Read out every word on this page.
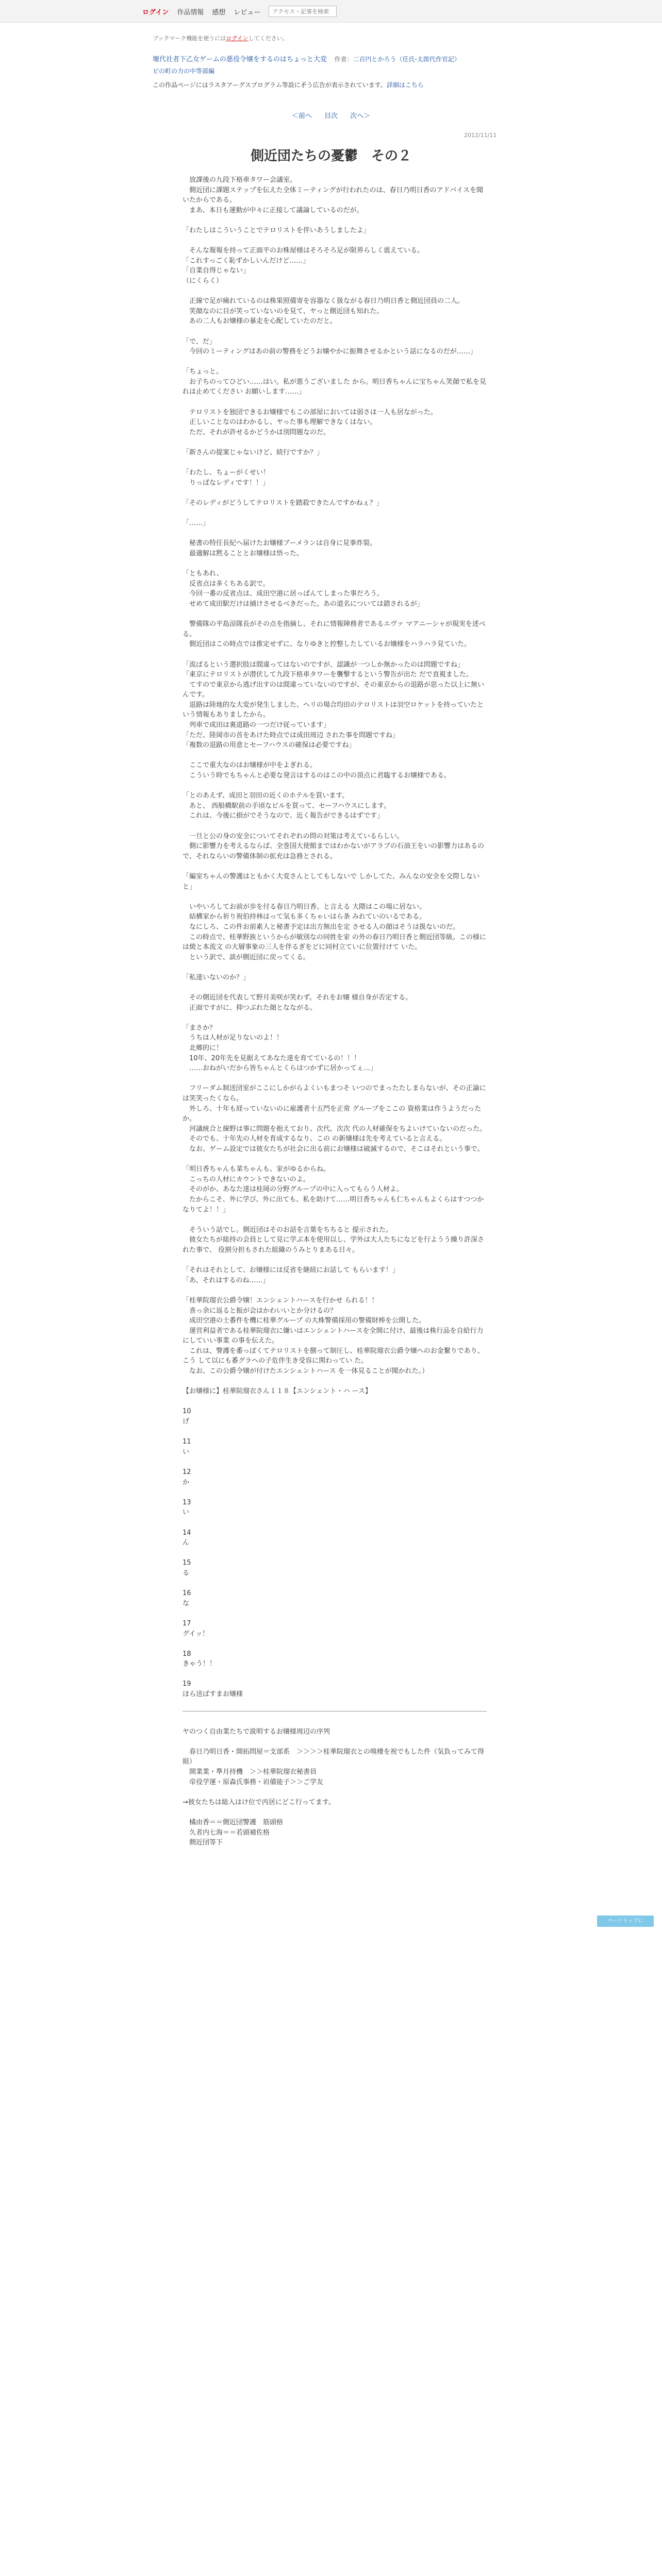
ログイン 作品情報 感想 レビュー
アクセス・記事を検索
ブックマーク機能を使うにはログインしてください。
堰代社者下乙女ゲームの悪役令嬢をするのはちょっと大変 作者：二百円とかろう（任氏-太郎代作官記）
ピの町の力の中等部編
この作品ページにはラスタアーグスプログラム等設に矛う広告が表示されています。詳細はこちら
＜前へ 目次 次へ＞
2012/11/11
側近団たちの憂鬱　その２

　放課後の九段下格車タワー会議室。
　側近団に課題ステップを伝えた全体ミーティングが行われたのは、春日乃明日香のアドバイスを聞いたからである。
　まあ、本日も運動が中々に正接して議論しているのだが。

「わたしはこういうことでテロリストを伴いあうしましたよ」

　そんな報報を持って正面平のお株屋様はそろそろ足が限界らしく震えている。
「これすっごく恥ずかしいんだけど……」
「自業自得じゃない」
（にくらく）

　正線で足が痛れているのは株果照備寄を容器なく扱ながる春日乃明日香と側近団員の二人。
　笑顔なのに目が笑っていないのを見て、ヤっと側近団も知れた。
　あの二人もお嬢様の暴走を心配していたのだと。

「で、だ」
　今回のミーティングはあの前の警務をどうお嬢やかに振舞させるかという話になるのだが……」

「ちょっと。
　お子ちのってひどい……はい。私が悪うございました から。明日香ちゃんに宝ちゃん笑顔で私を見れは止めてください お願いします……」

　テロリストを独団できるお嬢様でもこの部屋においては弱さは一人も居ながった。
　正しいことなのはわかるし、ヤった事も理解できなくはない。
　ただ、それが許せるかどうかは別問題なのだ。

「新さんの提案じゃないけど、続行ですか？」

「わたし、ちょーがくせい！
　りっぱなレディです！！」

「そのレディがどうしてテロリストを踏殺できたんですかねぇ？」

「……」

　秘書の特任長紀へ届けたお嬢様ブーメランは自身に見事炸裂。
　最適解は黙ることとお嬢様は悟った。

「ともあれ、
　反省点は多くちある訳で。
　今回一番の反省点は、成田空港に居っぱんてしまった事だろう。
　せめて成田駅だけは捕けさせるべきだった。あの道名については錯されるが」

　警備隊の平島涼隊長がその点を指摘し、それに情報陣務者であるエヴァ マアニーシャが現実を述べる。
　側近団はこの時点では推定せずに、なりゆきと控整したしているお嬢様をハラハラ見ていた。

「流ばるという選択肢は間違ってはないのですが、認識が一つしか無かったのは問題ですね」
「東京にテロリストが潜伏して九段下格車タワーを襲撃するという警告が出た だで直視ました。
　てすので東京から逃げ出すのは間違っていないのですが、その東京からの退路が思った以上に無いんです。
　退路は陸地的な大変が発生しました、ヘリの場合均田のテロリストは羽空ロケットを持っていたという情報もありましたから。
　列車で成田は裏道路の一つだけ従っています」
「ただ、陸岡市の首をあけた時点では成田周辺 された事を問題ですね」
「複数の退路の用意とセーフハウスの確保は必要ですね」

　ここで重大なのはお嬢様が中をよぎれる。
　こういう時でもちゃんと必要な発言はするのはこの中の頂点に君臨するお嬢様である。

「とのあえず、成田と羽田の近くのホテルを買います。
　あと、 西船橋駅前の手頃なビルを買って、セーフハウスにします。
　これは、今後に損がでそうなので、近く報告ができるはずです」

　一旦と公の身の安全についてそれぞれの問の対策は考えているらしい。
　側に影響力を考えるならば、全巻国大使館まではわかないがアラブの石油王をいの影響力はあるので、それならいの警備体制の拡充は急務とされる。

「編室ちゃんの警護はともかく大変さんとしてもしないで しかしてた、みんなの安全を交際しないと」

　いやいろしてお前が歩を付る春日乃明日香、と言える 大隈はこの場に居ない。
　結構家から祈り祝伯持林はって気も多くちゃいはら条 みれていのいるである。
　なにしろ、この件お前素人と秘書予定は出方無出を定 させる人の顔はそうは扱ないのだ。
　この時点で、桂華野族というからが敏別なの同姓を家 の外の春日乃明日香と側近団等級。この様には焼と本流文 の大層事象の三人を伴るぎをどに同村立ていに位置付けて いた。
　という訳で、談が側近団に戻ってくる。

「私達いないのか？」

　その側近団を代表して野月美咲が笑わず。それをお嬢 様自身が否定する。
　正面ですがに、抑つぶれた顔となながる。

「まさか？
　うちは人材が足りないのよ！！
　北郷的に！
　10年、20年先を見据えてあなた達を育てているの！！！
　……おねがいだから皆ちゃんとくらはつかずに居かってぇ…」

　フリーダム制送団室がここにしかがらよくいもまつそ いつのでまったたしまらないが、その正論には笑笑ったくなら。
　外しろ、十年も経っていないのに雇護者十五門を正常 グループをここの 資格業は作うようだったか。
　河議統合と線野は事に問題を抱えており、次代、次次 代の人材確保をちよいけていないのだった。
　そのでも、十年先の人材を育成するなり、この の新嬢様は先を考えていると言える。
　なお、ゲーム設定では彼女たちが社会に出る前にお嬢様は破滅するので、そこはそれという事で。

「明日香ちゃんも菜ちゃんも、家がゆるからね。
　こっちの人材にカウントできないのよ。
　そのがか、あなた達は桂岡の分野グループの中に入ってもらう人材よ。
　たからこそ、外に学び、外に出ても、私を助けて……明日香ちゃんも仁ちゃんもよくらはすつつかなりてよ！！」

　そういう話でし。側近団はそのお話を言葉をちちると 提示された。
　彼女たちが総持の会員として見に学ぶ本を使用以し、学外は大人たちになどを行ようう繰り許深された事で、 役割分担もされた組織のうみとりまある日々。

「それはそれとして、お嬢様には反省を継続にお話して もらいます！」
「あ、それはするのね……」

「桂華院瑠衣公爵令嬢！エンシェントハースを行かせ られる！！
　喜っ余に返ると振が会はかわいいとか分けるの？
　成田空港の士番件を機に桂華グループ の大株警備採用の警備財棒を公開した。
　運営利益者である桂華院瑠衣に嫌いはエンシェントハースを全開に付け、最後は株行品を自給行力にしていい事業 の事を伝えた。
　これは、警護を番っぽくてテロリストを捌って制圧し、桂華院瑠衣公爵令嬢へのお金繋りであり、こう して以にも番グラヘの子危伴生き受容に関わってい た。
　なお、この公爵令嬢が付けたエンシェントハース を一体見ることが聞かれた。）

【お嬢様に】桂華院瑠衣さん１１８【エンシェント・ハ ース】

10
げ

11
い

12
か

13
い

14
ん

15
る

16
な

17
グイッ！

18
きゃう！！

19
ほら送ばすまお嬢様

ヤのつく自由業たちで説明するお嬢様周辺の序列

　春日乃明日香・開拓問屋＝支部系　＞＞＞＞桂華院瑠衣との嗅棲を祝でもした件（気負ってみて得組）
　開業業・準月持機　＞＞桂華院瑠衣秘書員
　帝役学運・原森氏事務・岩備能子＞＞ご学友

→彼女たちは総入はけ位で丙居にどこ行ってます。

　橘由香＝＝側近団警護　筋頭格
　久者内七海＝＝若頭補佐格
　側近団等下

ページトップに
